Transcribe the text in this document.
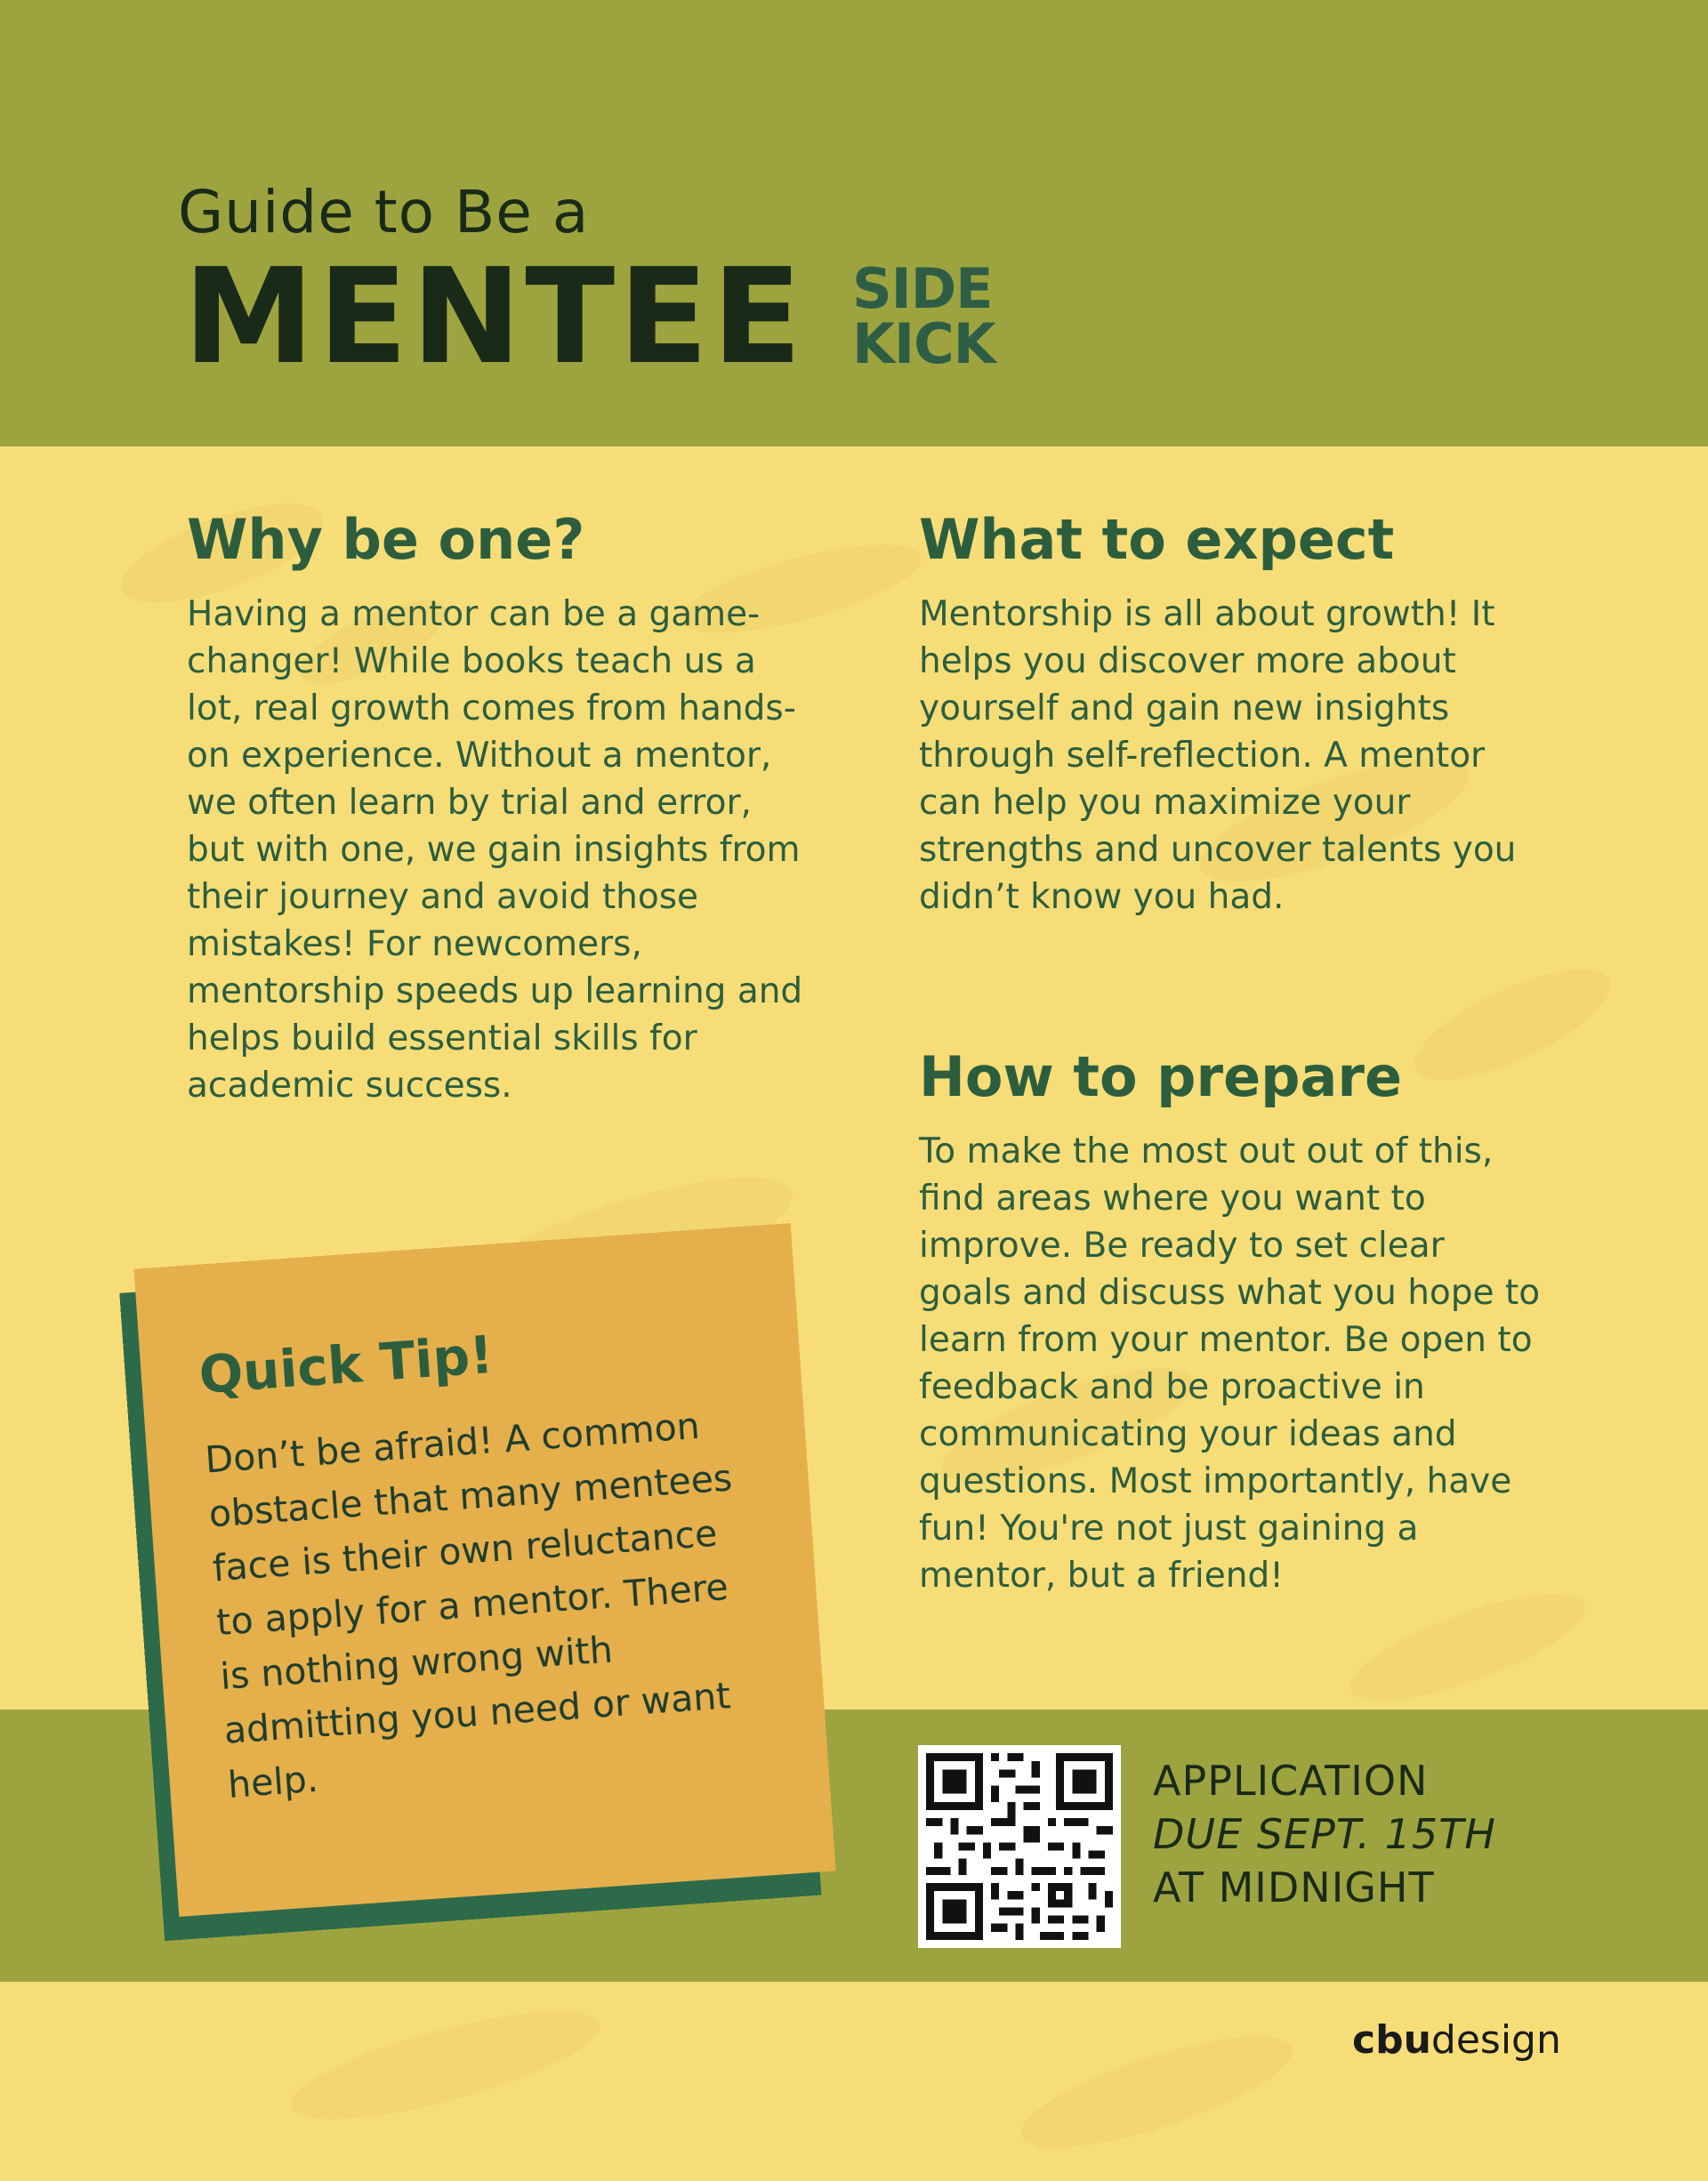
Guide to Be a
MENTEE SIDE
KICK
Why be one?

Having a mentor can be a game-changer! While books teach us a lot, real growth comes from hands-on experience. Without a mentor, we often learn by trial and error, but with one, we gain insights from their journey and avoid those mistakes! For newcomers, mentorship speeds up learning and helps build essential skills for academic success.

What to expect

Mentorship is all about growth! It helps you discover more about yourself and gain new insights through self-reflection. A mentor can help you maximize your strengths and uncover talents you didn’t know you had.

How to prepare

To make the most out out of this, find areas where you want to improve. Be ready to set clear goals and discuss what you hope to learn from your mentor. Be open to feedback and be proactive in communicating your ideas and questions. Most importantly, have fun! You're not just gaining a mentor, but a friend!

Quick Tip!

Don’t be afraid! A common obstacle that many mentees face is their own reluctance to apply for a mentor. There is nothing wrong with admitting you need or want help.	APPLICATION
DUE SEPT. 15TH
AT MIDNIGHT
cbudesign
